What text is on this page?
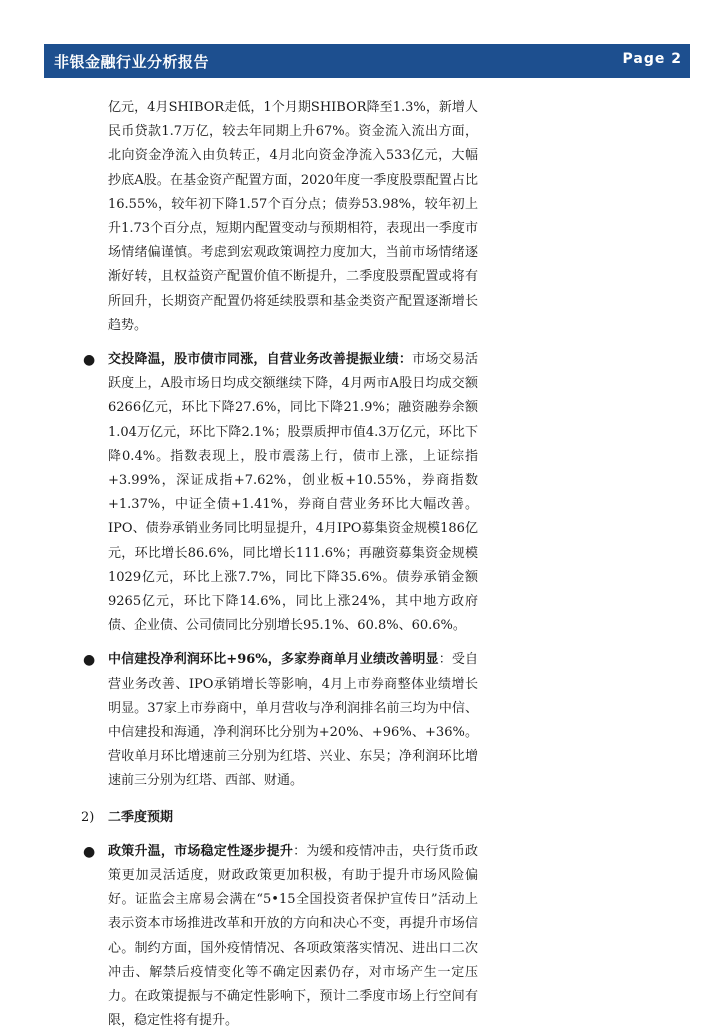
非银金融行业分析报告	Page 2

亿元，4月SHIBOR走低，1个月期SHIBOR降至1.3%，新增人民币贷款1.7万亿，较去年同期上升67%。资金流入流出方面，北向资金净流入由负转正，4月北向资金净流入533亿元，大幅抄底A股。在基金资产配置方面，2020年度一季度股票配置占比16.55%，较年初下降1.57个百分点；债券53.98%，较年初上升1.73个百分点，短期内配置变动与预期相符，表现出一季度市场情绪偏谨慎。考虑到宏观政策调控力度加大，当前市场情绪逐渐好转，且权益资产配置价值不断提升，二季度股票配置或将有所回升，长期资产配置仍将延续股票和基金类资产配置逐渐增长趋势。

● 交投降温，股市债市同涨，自营业务改善提振业绩：市场交易活跃度上，A股市场日均成交额继续下降，4月两市A股日均成交额6266亿元，环比下降27.6%，同比下降21.9%；融资融券余额1.04万亿元，环比下降2.1%；股票质押市值4.3万亿元，环比下降0.4%。指数表现上，股市震荡上行，债市上涨，上证综指+3.99%，深证成指+7.62%，创业板+10.55%，券商指数+1.37%，中证全债+1.41%，券商自营业务环比大幅改善。IPO、债券承销业务同比明显提升，4月IPO募集资金规模186亿元，环比增长86.6%，同比增长111.6%；再融资募集资金规模1029亿元，环比上涨7.7%，同比下降35.6%。债券承销金额9265亿元，环比下降14.6%，同比上涨24%，其中地方政府债、企业债、公司债同比分别增长95.1%、60.8%、60.6%。

● 中信建投净利润环比+96%，多家券商单月业绩改善明显：受自营业务改善、IPO承销增长等影响，4月上市券商整体业绩增长明显。37家上市券商中，单月营收与净利润排名前三均为中信、中信建投和海通，净利润环比分别为+20%、+96%、+36%。营收单月环比增速前三分别为红塔、兴业、东吴；净利润环比增速前三分别为红塔、西部、财通。

2) 二季度预期
● 政策升温，市场稳定性逐步提升：为缓和疫情冲击，央行货币政策更加灵活适度，财政政策更加积极，有助于提升市场风险偏好。证监会主席易会满在“5•15全国投资者保护宣传日”活动上表示资本市场推进改革和开放的方向和决心不变，再提升市场信心。制约方面，国外疫情情况、各项政策落实情况、进出口二次冲击、解禁后疫情变化等不确定因素仍存，对市场产生一定压力。在政策提振与不确定性影响下，预计二季度市场上行空间有限，稳定性将有提升。
